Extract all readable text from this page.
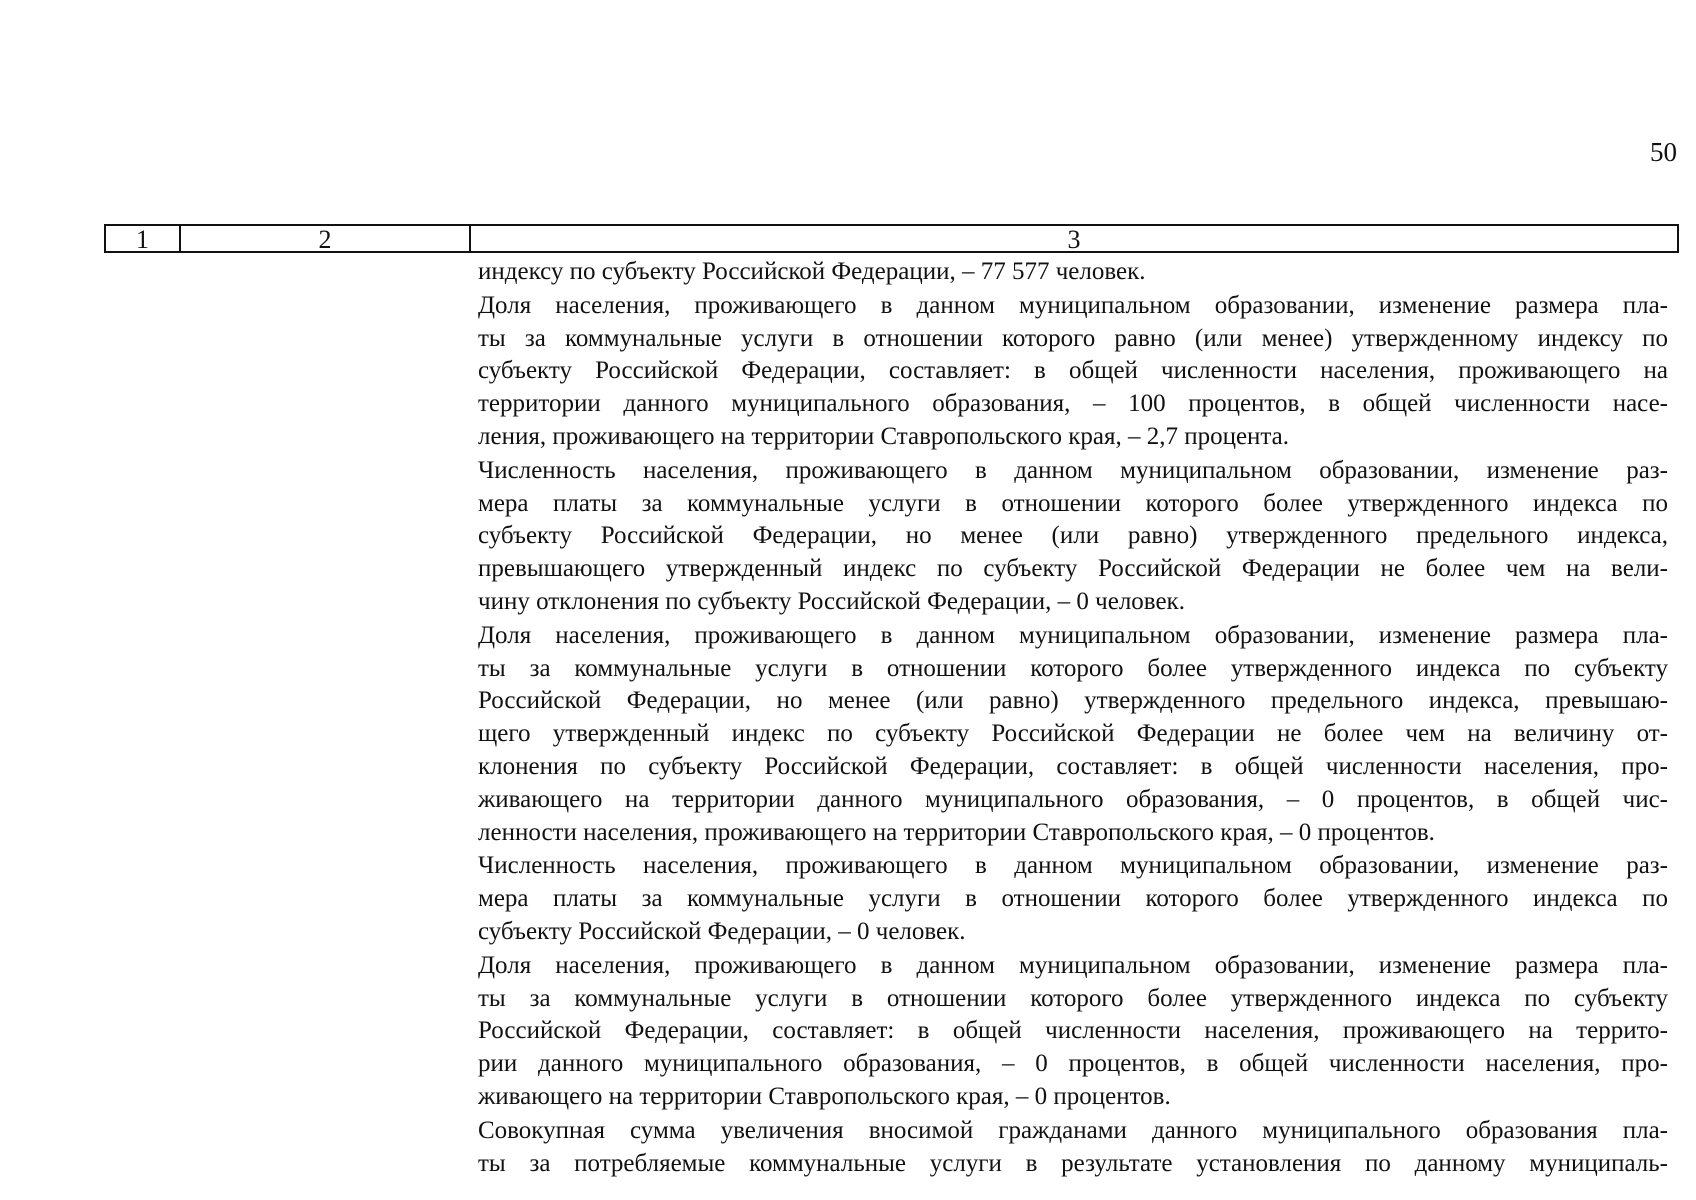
50
1	2	3
индексу по субъекту Российской Федерации, – 77 577 человек.
Доля населения, проживающего в данном муниципальном образовании, изменение размера пла-
ты за коммунальные услуги в отношении которого равно (или менее) утвержденному индексу по
субъекту Российской Федерации, составляет: в общей численности населения, проживающего на
территории данного муниципального образования, – 100 процентов, в общей численности насе-
ления, проживающего на территории Ставропольского края, – 2,7 процента.
Численность населения, проживающего в данном муниципальном образовании, изменение раз-
мера платы за коммунальные услуги в отношении которого более утвержденного индекса по
субъекту Российской Федерации, но менее (или равно) утвержденного предельного индекса,
превышающего утвержденный индекс по субъекту Российской Федерации не более чем на вели-
чину отклонения по субъекту Российской Федерации, – 0 человек.
Доля населения, проживающего в данном муниципальном образовании, изменение размера пла-
ты за коммунальные услуги в отношении которого более утвержденного индекса по субъекту
Российской Федерации, но менее (или равно) утвержденного предельного индекса, превышаю-
щего утвержденный индекс по субъекту Российской Федерации не более чем на величину от-
клонения по субъекту Российской Федерации, составляет: в общей численности населения, про-
живающего на территории данного муниципального образования, – 0 процентов, в общей чис-
ленности населения, проживающего на территории Ставропольского края, – 0 процентов.
Численность населения, проживающего в данном муниципальном образовании, изменение раз-
мера платы за коммунальные услуги в отношении которого более утвержденного индекса по
субъекту Российской Федерации, – 0 человек.
Доля населения, проживающего в данном муниципальном образовании, изменение размера пла-
ты за коммунальные услуги в отношении которого более утвержденного индекса по субъекту
Российской Федерации, составляет: в общей численности населения, проживающего на террито-
рии данного муниципального образования, – 0 процентов, в общей численности населения, про-
живающего на территории Ставропольского края, – 0 процентов.
Совокупная сумма увеличения вносимой гражданами данного муниципального образования пла-
ты за потребляемые коммунальные услуги в результате установления по данному муниципаль-
